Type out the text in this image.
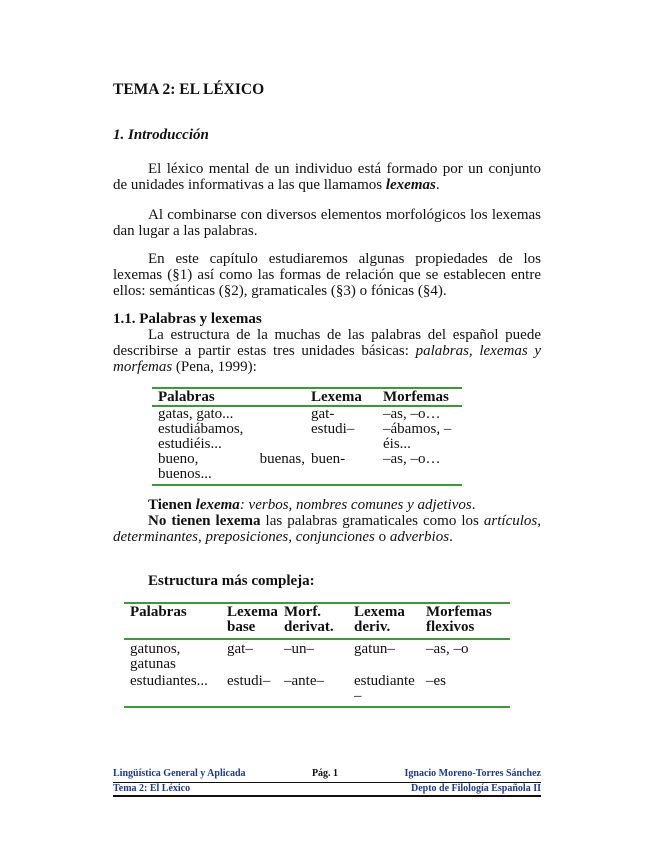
TEMA 2: EL LÉXICO
1. Introducción
El léxico mental de un individuo está formado por un conjunto de unidades informativas a las que llamamos lexemas.
Al combinarse con diversos elementos morfológicos los lexemas dan lugar a las palabras.
En este capítulo estudiaremos algunas propiedades de los lexemas (§1) así como las formas de relación que se establecen entre ellos: semánticas (§2), gramaticales (§3) o fónicas (§4).
1.1. Palabras y lexemas
La estructura de la muchas de las palabras del español puede describirse a partir estas tres unidades básicas: palabras, lexemas y morfemas (Pena, 1999):
Palabras	Lexema	Morfemas
gatas, gato...	gat-	–as, –o…
estudiábamos, estudiéis...	estudi–	–ábamos, –éis...
bueno, buenas, buenos...	buen-	–as, –o…
Tienen lexema: verbos, nombres comunes y adjetivos.
No tienen lexema las palabras gramaticales como los artículos, determinantes, preposiciones, conjunciones o adverbios.
Estructura más compleja:
Palabras	Lexema base	Morf. derivat.	Lexema deriv.	Morfemas flexivos
gatunos, gatunas	gat–	–un–	gatun–	–as, –o
estudiantes...	estudi–	–ante–	estudiante–	–es
Lingüística General y Aplicada	Pág. 1	Ignacio Moreno-Torres Sánchez
Tema 2: El Léxico	Depto de Filología Española II
